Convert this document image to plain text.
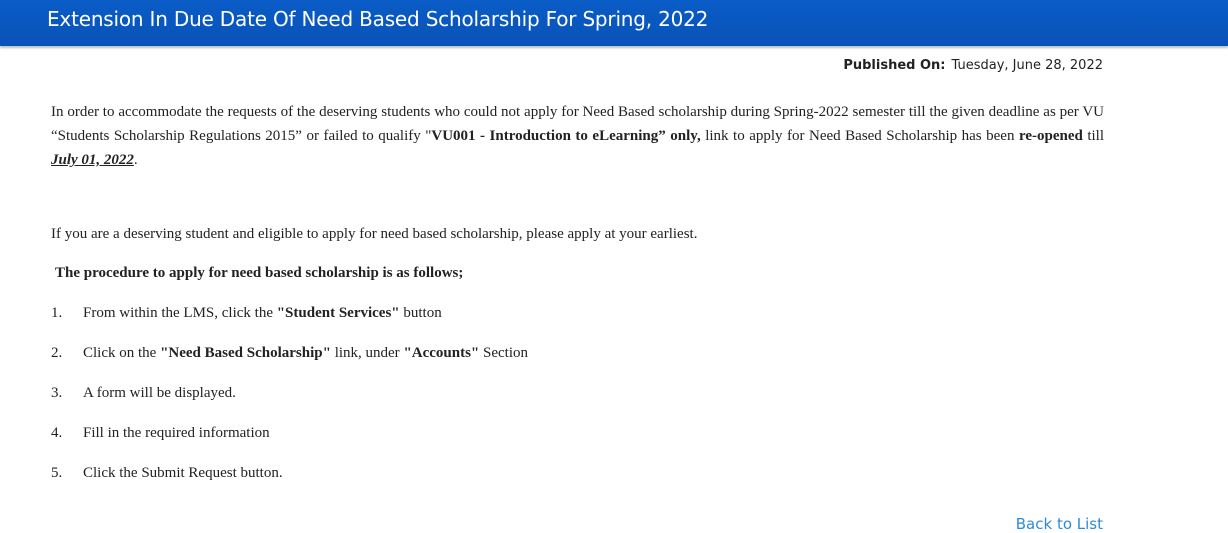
Extension In Due Date Of Need Based Scholarship For Spring, 2022
Published On: Tuesday, June 28, 2022

In order to accommodate the requests of the deserving students who could not apply for Need Based scholarship during Spring-2022 semester till the given deadline as per VU “Students Scholarship Regulations 2015” or failed to qualify "VU001 - Introduction to eLearning” only, link to apply for Need Based Scholarship has been re-opened till July 01, 2022.

If you are a deserving student and eligible to apply for need based scholarship, please apply at your earliest.

The procedure to apply for need based scholarship is as follows;

1. From within the LMS, click the "Student Services" button
2. Click on the "Need Based Scholarship" link, under "Accounts" Section
3. A form will be displayed.
4. Fill in the required information
5. Click the Submit Request button.
Back to List
